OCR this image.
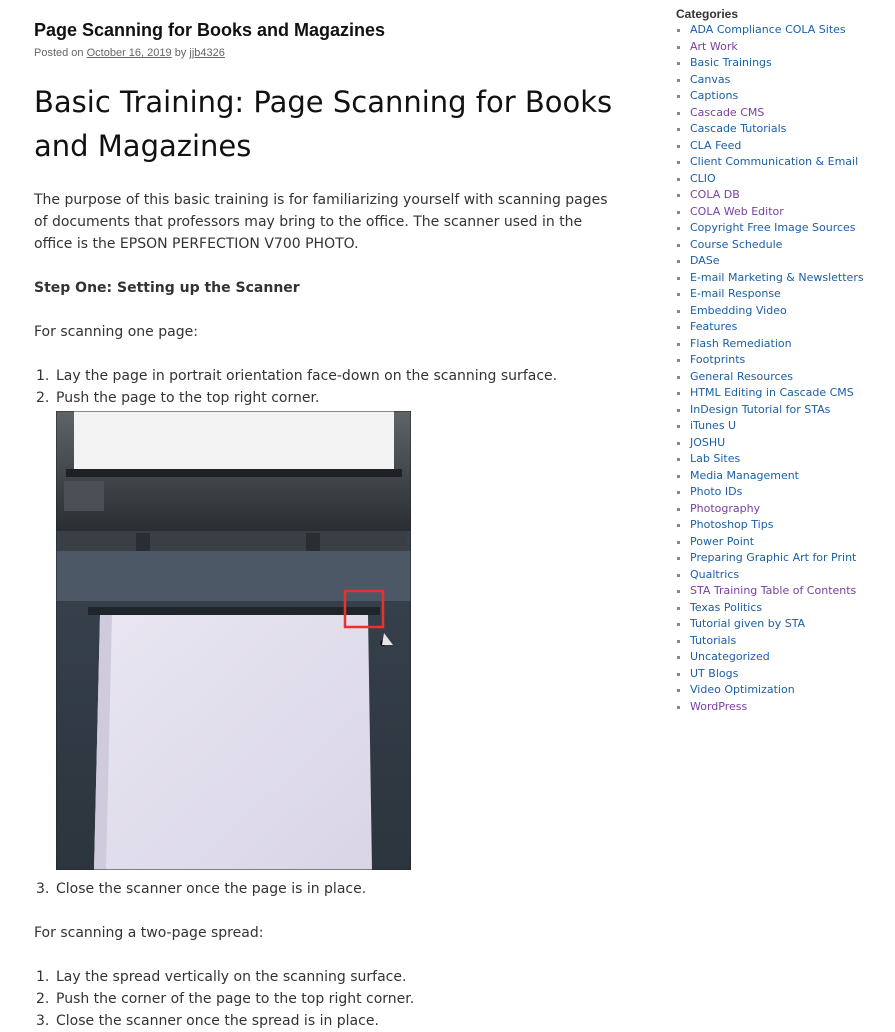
Page Scanning for Books and Magazines
Posted on October 16, 2019 by jjb4326
Basic Training: Page Scanning for Books and Magazines

The purpose of this basic training is for familiarizing yourself with scanning pages of documents that professors may bring to the office. The scanner used in the office is the EPSON PERFECTION V700 PHOTO.

Step One: Setting up the Scanner

For scanning one page:

1. Lay the page in portrait orientation face-down on the scanning surface.
2. Push the page to the top right corner.
3. Close the scanner once the page is in place.

For scanning a two-page spread:

1. Lay the spread vertically on the scanning surface.
2. Push the corner of the page to the top right corner.
3. Close the scanner once the spread is in place.
Categories
ADA Compliance COLA Sites
Art Work
Basic Trainings
Canvas
Captions
Cascade CMS
Cascade Tutorials
CLA Feed
Client Communication & Email
CLIO
COLA DB
COLA Web Editor
Copyright Free Image Sources
Course Schedule
DASe
E-mail Marketing & Newsletters
E-mail Response
Embedding Video
Features
Flash Remediation
Footprints
General Resources
HTML Editing in Cascade CMS
InDesign Tutorial for STAs
iTunes U
JOSHU
Lab Sites
Media Management
Photo IDs
Photography
Photoshop Tips
Power Point
Preparing Graphic Art for Print
Qualtrics
STA Training Table of Contents
Texas Politics
Tutorial given by STA
Tutorials
Uncategorized
UT Blogs
Video Optimization
WordPress
